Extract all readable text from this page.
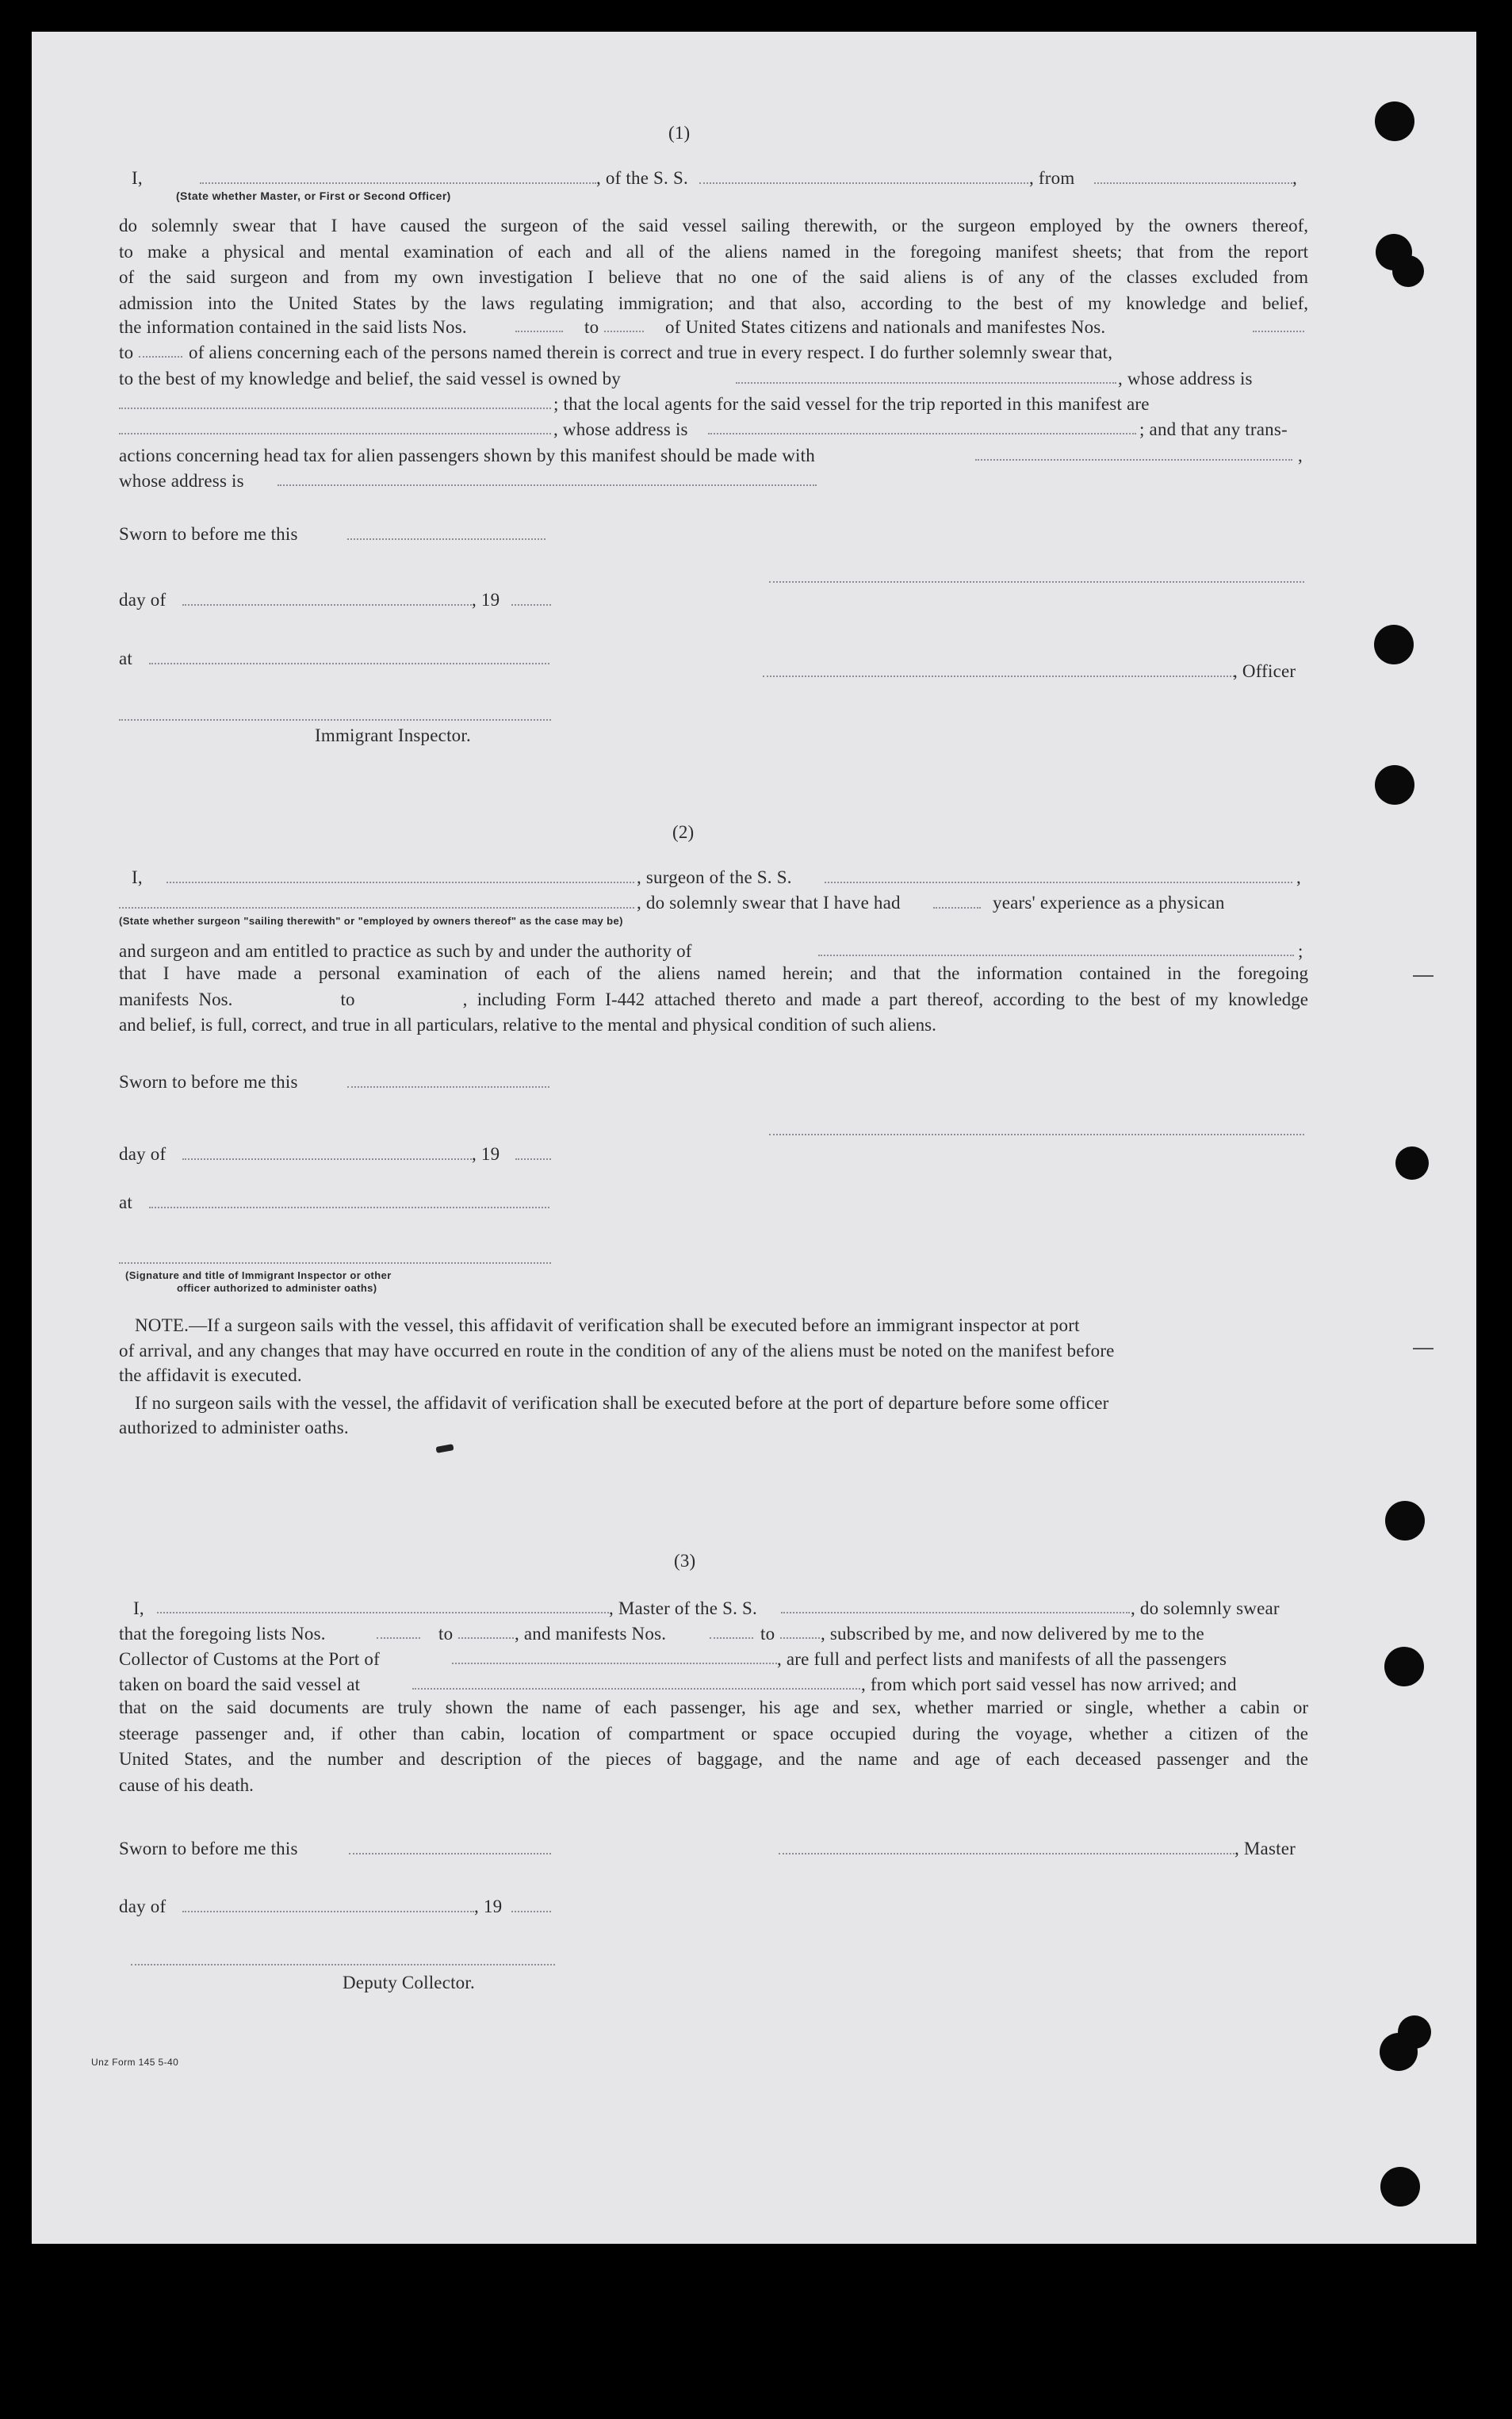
(1)
I,	, of the S. S.	, from	,
(State whether Master, or First or Second Officer)
do solemnly swear that I have caused the surgeon of the said vessel sailing therewith, or the surgeon employed by the owners thereof,
to make a physical and mental examination of each and all of the aliens named in the foregoing manifest sheets; that from the report
of the said surgeon and from my own investigation I believe that no one of the said aliens is of any of the classes excluded from
admission into the United States by the laws regulating immigration; and that also, according to the best of my knowledge and belief,
the information contained in the said lists Nos.	to	of United States citizens and nationals and manifestes Nos.
to	of aliens concerning each of the persons named therein is correct and true in every respect. I do further solemnly swear that,
to the best of my knowledge and belief, the said vessel is owned by	, whose address is
; that the local agents for the said vessel for the trip reported in this manifest are
, whose address is	; and that any trans-
actions concerning head tax for alien passengers shown by this manifest should be made with	,
whose address is
Sworn to before me this
day of	, 19
at
, Officer
Immigrant Inspector.
(2)
I,	, surgeon of the S. S.	,
, do solemnly swear that I have had	years' experience as a physican
(State whether surgeon "sailing therewith" or "employed by owners thereof" as the case may be)
and surgeon and am entitled to practice as such by and under the authority of	;
that I have made a personal examination of each of the aliens named herein; and that the information contained in the foregoing
manifests Nos.           to           , including Form I-442 attached thereto and made a part thereof, according to the best of my knowledge
and belief, is full, correct, and true in all particulars, relative to the mental and physical condition of such aliens.
Sworn to before me this
day of	, 19
at
(Signature and title of Immigrant Inspector or other
officer authorized to administer oaths)
NOTE.—If a surgeon sails with the vessel, this affidavit of verification shall be executed before an immigrant inspector at port
of arrival, and any changes that may have occurred en route in the condition of any of the aliens must be noted on the manifest before
the affidavit is executed.
If no surgeon sails with the vessel, the affidavit of verification shall be executed before at the port of departure before some officer
authorized to administer oaths.
(3)
I,	, Master of the S. S.	, do solemnly swear
that the foregoing lists Nos.	to	, and manifests Nos.	to	, subscribed by me, and now delivered by me to the
Collector of Customs at the Port of	, are full and perfect lists and manifests of all the passengers
taken on board the said vessel at	, from which port said vessel has now arrived; and
that on the said documents are truly shown the name of each passenger, his age and sex, whether married or single, whether a cabin or
steerage passenger and, if other than cabin, location of compartment or space occupied during the voyage, whether a citizen of the
United States, and the number and description of the pieces of baggage, and the name and age of each deceased passenger and the
cause of his death.
Sworn to before me this	, Master
day of	, 19
Deputy Collector.
Unz Form 145 5-40
